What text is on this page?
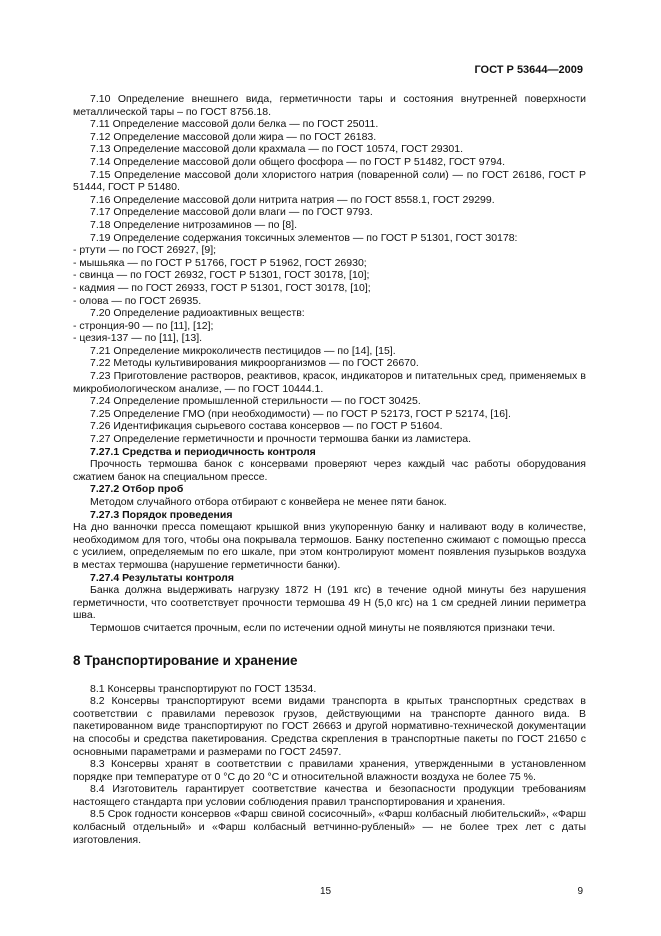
ГОСТ Р 53644—2009

7.10 Определение внешнего вида, герметичности тары и состояния внутренней поверхности металлической тары – по ГОСТ 8756.18.

7.11 Определение массовой доли белка — по ГОСТ 25011.

7.12 Определение массовой доли жира — по ГОСТ 26183.

7.13 Определение массовой доли крахмала — по ГОСТ 10574, ГОСТ 29301.

7.14 Определение массовой доли общего фосфора — по ГОСТ Р 51482, ГОСТ 9794.

7.15 Определение массовой доли хлористого натрия (поваренной соли) — по ГОСТ 26186, ГОСТ Р 51444, ГОСТ Р 51480.

7.16 Определение массовой доли нитрита натрия — по ГОСТ 8558.1, ГОСТ 29299.

7.17 Определение массовой доли влаги — по ГОСТ 9793.

7.18 Определение нитрозаминов — по [8].

7.19 Определение содержания токсичных элементов — по ГОСТ Р 51301, ГОСТ 30178:

- ртути — по ГОСТ 26927, [9];

- мышьяка — по ГОСТ Р 51766, ГОСТ Р 51962, ГОСТ 26930;

- свинца — по ГОСТ 26932, ГОСТ Р 51301, ГОСТ 30178, [10];

- кадмия — по ГОСТ 26933, ГОСТ Р 51301, ГОСТ 30178, [10];

- олова — по ГОСТ 26935.

7.20 Определение радиоактивных веществ:

- стронция-90 — по [11], [12];

- цезия-137 — по [11], [13].

7.21 Определение микроколичеств пестицидов — по [14], [15].

7.22 Методы культивирования микроорганизмов — по ГОСТ 26670.

7.23 Приготовление растворов, реактивов, красок, индикаторов и питательных сред, применяемых в микробиологическом анализе, — по ГОСТ 10444.1.

7.24 Определение промышленной стерильности — по ГОСТ 30425.

7.25 Определение ГМО (при необходимости) — по ГОСТ Р 52173, ГОСТ Р 52174, [16].

7.26 Идентификация сырьевого состава консервов — по ГОСТ Р 51604.

7.27 Определение герметичности и прочности термошва банки из ламистера.

7.27.1 Средства и периодичность контроля

Прочность термошва банок с консервами проверяют через каждый час работы оборудования сжатием банок на специальном прессе.

7.27.2 Отбор проб

Методом случайного отбора отбирают с конвейера не менее пяти банок.

7.27.3 Порядок проведения

На дно ванночки пресса помещают крышкой вниз укупоренную банку и наливают воду в количестве, необходимом для того, чтобы она покрывала термошов. Банку постепенно сжимают с помощью пресса с усилием, определяемым по его шкале, при этом контролируют момент появления пузырьков воздуха в местах термошва (нарушение герметичности банки).

7.27.4 Результаты контроля

Банка должна выдерживать нагрузку 1872 Н (191 кгс) в течение одной минуты без нарушения герметичности, что соответствует прочности термошва 49 Н (5,0 кгс) на 1 см средней линии периметра шва.

Термошов считается прочным, если по истечении одной минуты не появляются признаки течи.

8 Транспортирование и хранение

8.1 Консервы транспортируют по ГОСТ 13534.

8.2 Консервы транспортируют всеми видами транспорта в крытых транспортных средствах в соответствии с правилами перевозок грузов, действующими на транспорте данного вида. В пакетированном виде транспортируют по ГОСТ 26663 и другой нормативно-технической документации на способы и средства пакетирования. Средства скрепления в транспортные пакеты по ГОСТ 21650 с основными параметрами и размерами по ГОСТ 24597.

8.3 Консервы хранят в соответствии с правилами хранения, утвержденными в установленном порядке при температуре от 0 °С до 20 °С и относительной влажности воздуха не более 75 %.

8.4 Изготовитель гарантирует соответствие качества и безопасности продукции требованиям настоящего стандарта при условии соблюдения правил транспортирования и хранения.

8.5 Срок годности консервов «Фарш свиной сосисочный», «Фарш колбасный любительский», «Фарш колбасный отдельный» и «Фарш колбасный ветчинно-рубленый» — не более трех лет с даты изготовления.

15	9
